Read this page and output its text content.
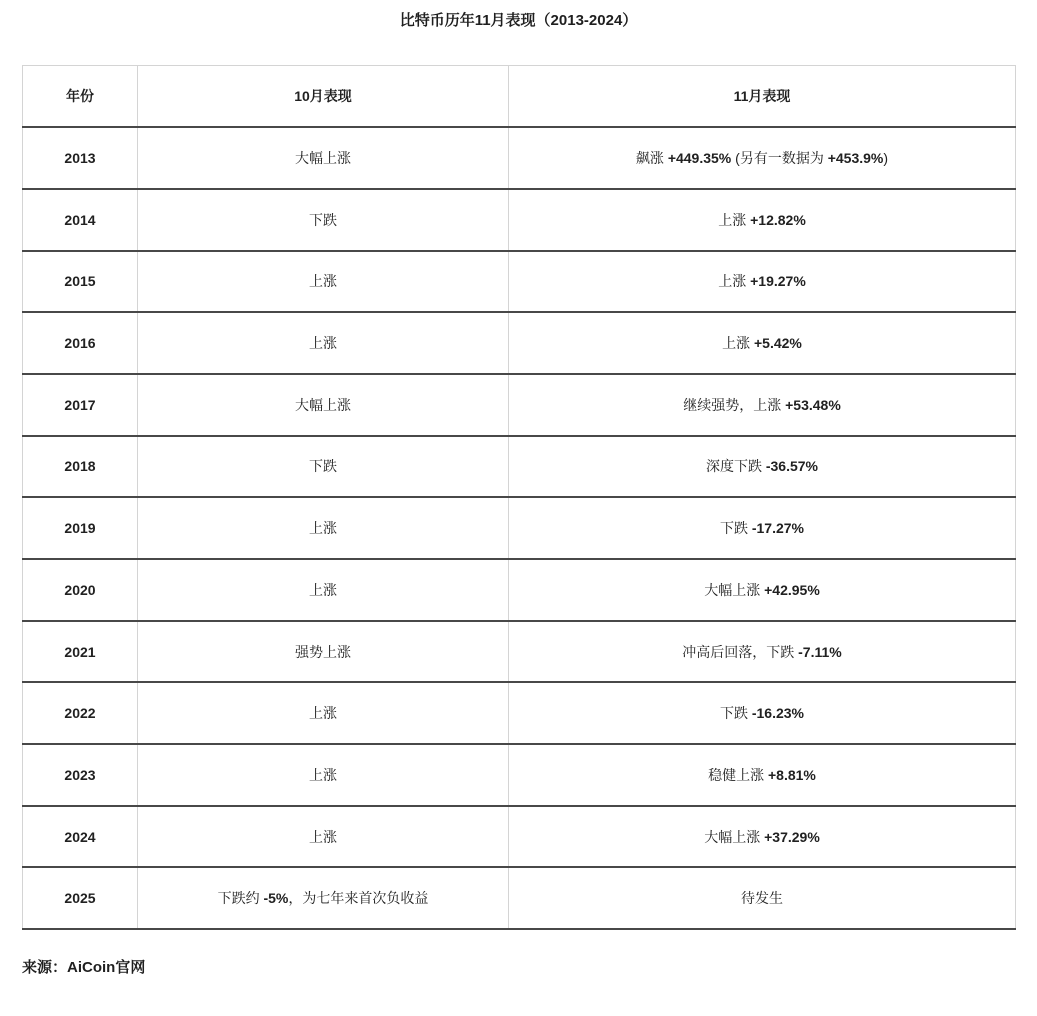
比特币历年11月表现（2013-2024）
年份	10月表现	11月表现
2013	大幅上涨	飙涨 +449.35% (另有一数据为 +453.9%)
2014	下跌	上涨 +12.82%
2015	上涨	上涨 +19.27%
2016	上涨	上涨 +5.42%
2017	大幅上涨	继续强势，上涨 +53.48%
2018	下跌	深度下跌 -36.57%
2019	上涨	下跌 -17.27%
2020	上涨	大幅上涨 +42.95%
2021	强势上涨	冲高后回落，下跌 -7.11%
2022	上涨	下跌 -16.23%
2023	上涨	稳健上涨 +8.81%
2024	上涨	大幅上涨 +37.29%
2025	下跌约 -5%，为七年来首次负收益	待发生
来源：AiCoin官网
